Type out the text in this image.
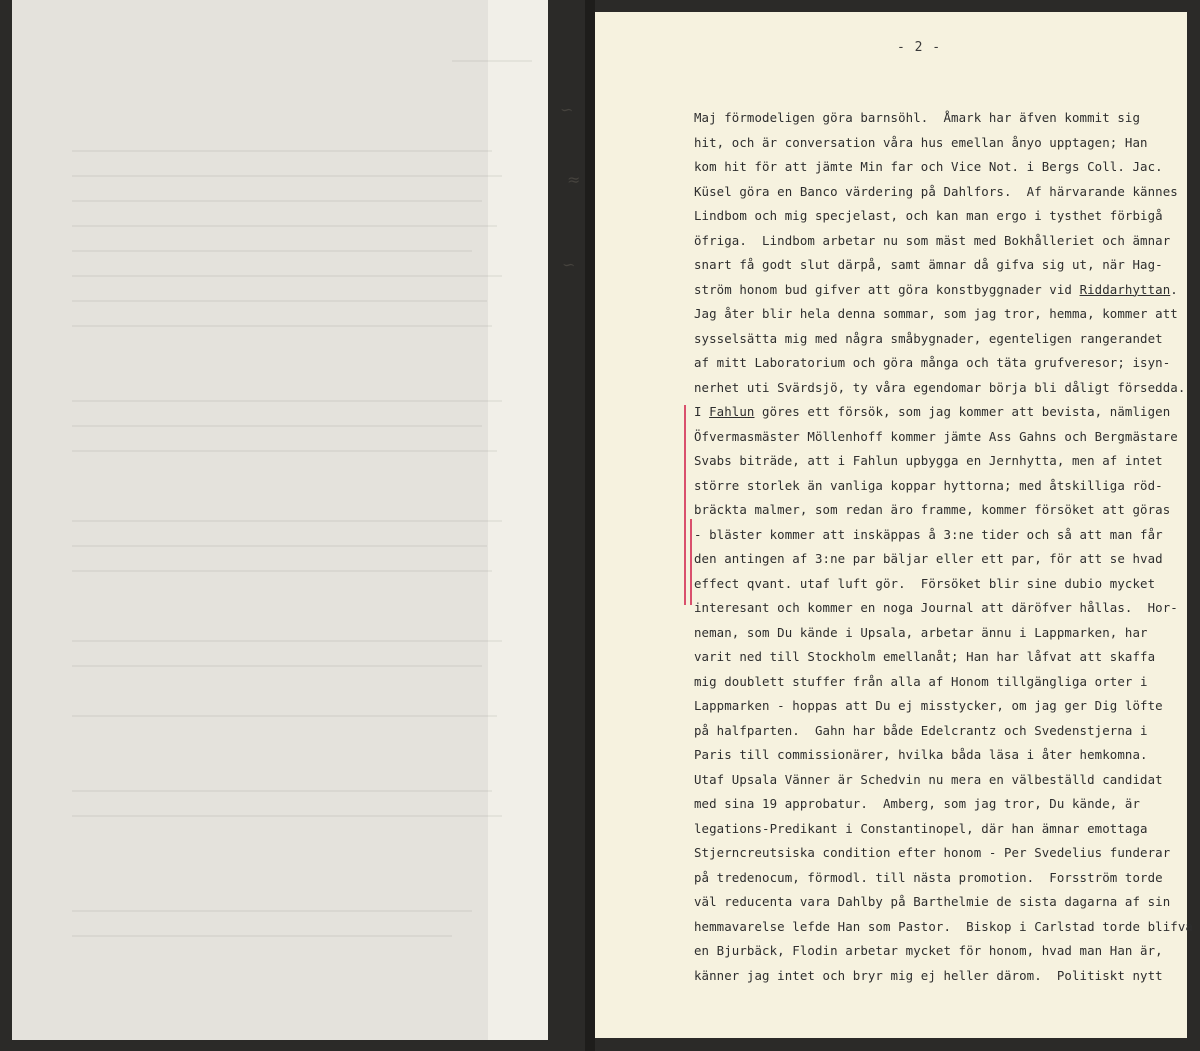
∽
≈
∽
- 2 -
Maj förmodeligen göra barnsöhl.  Åmark har äfven kommit sig
hit, och är conversation våra hus emellan ånyo upptagen; Han
kom hit för att jämte Min far och Vice Not. i Bergs Coll. Jac.
Küsel göra en Banco värdering på Dahlfors.  Af härvarande kännes
Lindbom och mig specjelast, och kan man ergo i tysthet förbigå
öfriga.  Lindbom arbetar nu som mäst med Bokhålleriet och ämnar
snart få godt slut därpå, samt ämnar då gifva sig ut, när Hag-
ström honom bud gifver att göra konstbyggnader vid Riddarhyttan.
Jag åter blir hela denna sommar, som jag tror, hemma, kommer att
sysselsätta mig med några småbygnader, egenteligen rangerandet
af mitt Laboratorium och göra många och täta grufveresor; isyn-
nerhet uti Svärdsjö, ty våra egendomar börja bli dåligt försedda.
I Fahlun göres ett försök, som jag kommer att bevista, nämligen
Öfvermasmäster Möllenhoff kommer jämte Ass Gahns och Bergmästare
Svabs biträde, att i Fahlun upbygga en Jernhytta, men af intet
större storlek än vanliga koppar hyttorna; med åtskilliga röd-
bräckta malmer, som redan äro framme, kommer försöket att göras
- bläster kommer att inskäppas å 3:ne tider och så att man får
den antingen af 3:ne par bäljar eller ett par, för att se hvad
effect qvant. utaf luft gör.  Försöket blir sine dubio mycket
interesant och kommer en noga Journal att däröfver hållas.  Hor-
neman, som Du kände i Upsala, arbetar ännu i Lappmarken, har
varit ned till Stockholm emellanåt; Han har låfvat att skaffa
mig doublett stuffer från alla af Honom tillgängliga orter i
Lappmarken - hoppas att Du ej misstycker, om jag ger Dig löfte
på halfparten.  Gahn har både Edelcrantz och Svedenstjerna i
Paris till commissionärer, hvilka båda läsa i åter hemkomna.
Utaf Upsala Vänner är Schedvin nu mera en välbeställd candidat
med sina 19 approbatur.  Amberg, som jag tror, Du kände, är
legations-Predikant i Constantinopel, där han ämnar emottaga
Stjerncreutsiska condition efter honom - Per Svedelius funderar
på tredenocum, förmodl. till nästa promotion.  Forsström torde
väl reducenta vara Dahlby på Barthelmie de sista dagarna af sin
hemmavarelse lefde Han som Pastor.  Biskop i Carlstad torde blifva
en Bjurbäck, Flodin arbetar mycket för honom, hvad man Han är,
känner jag intet och bryr mig ej heller därom.  Politiskt nytt
